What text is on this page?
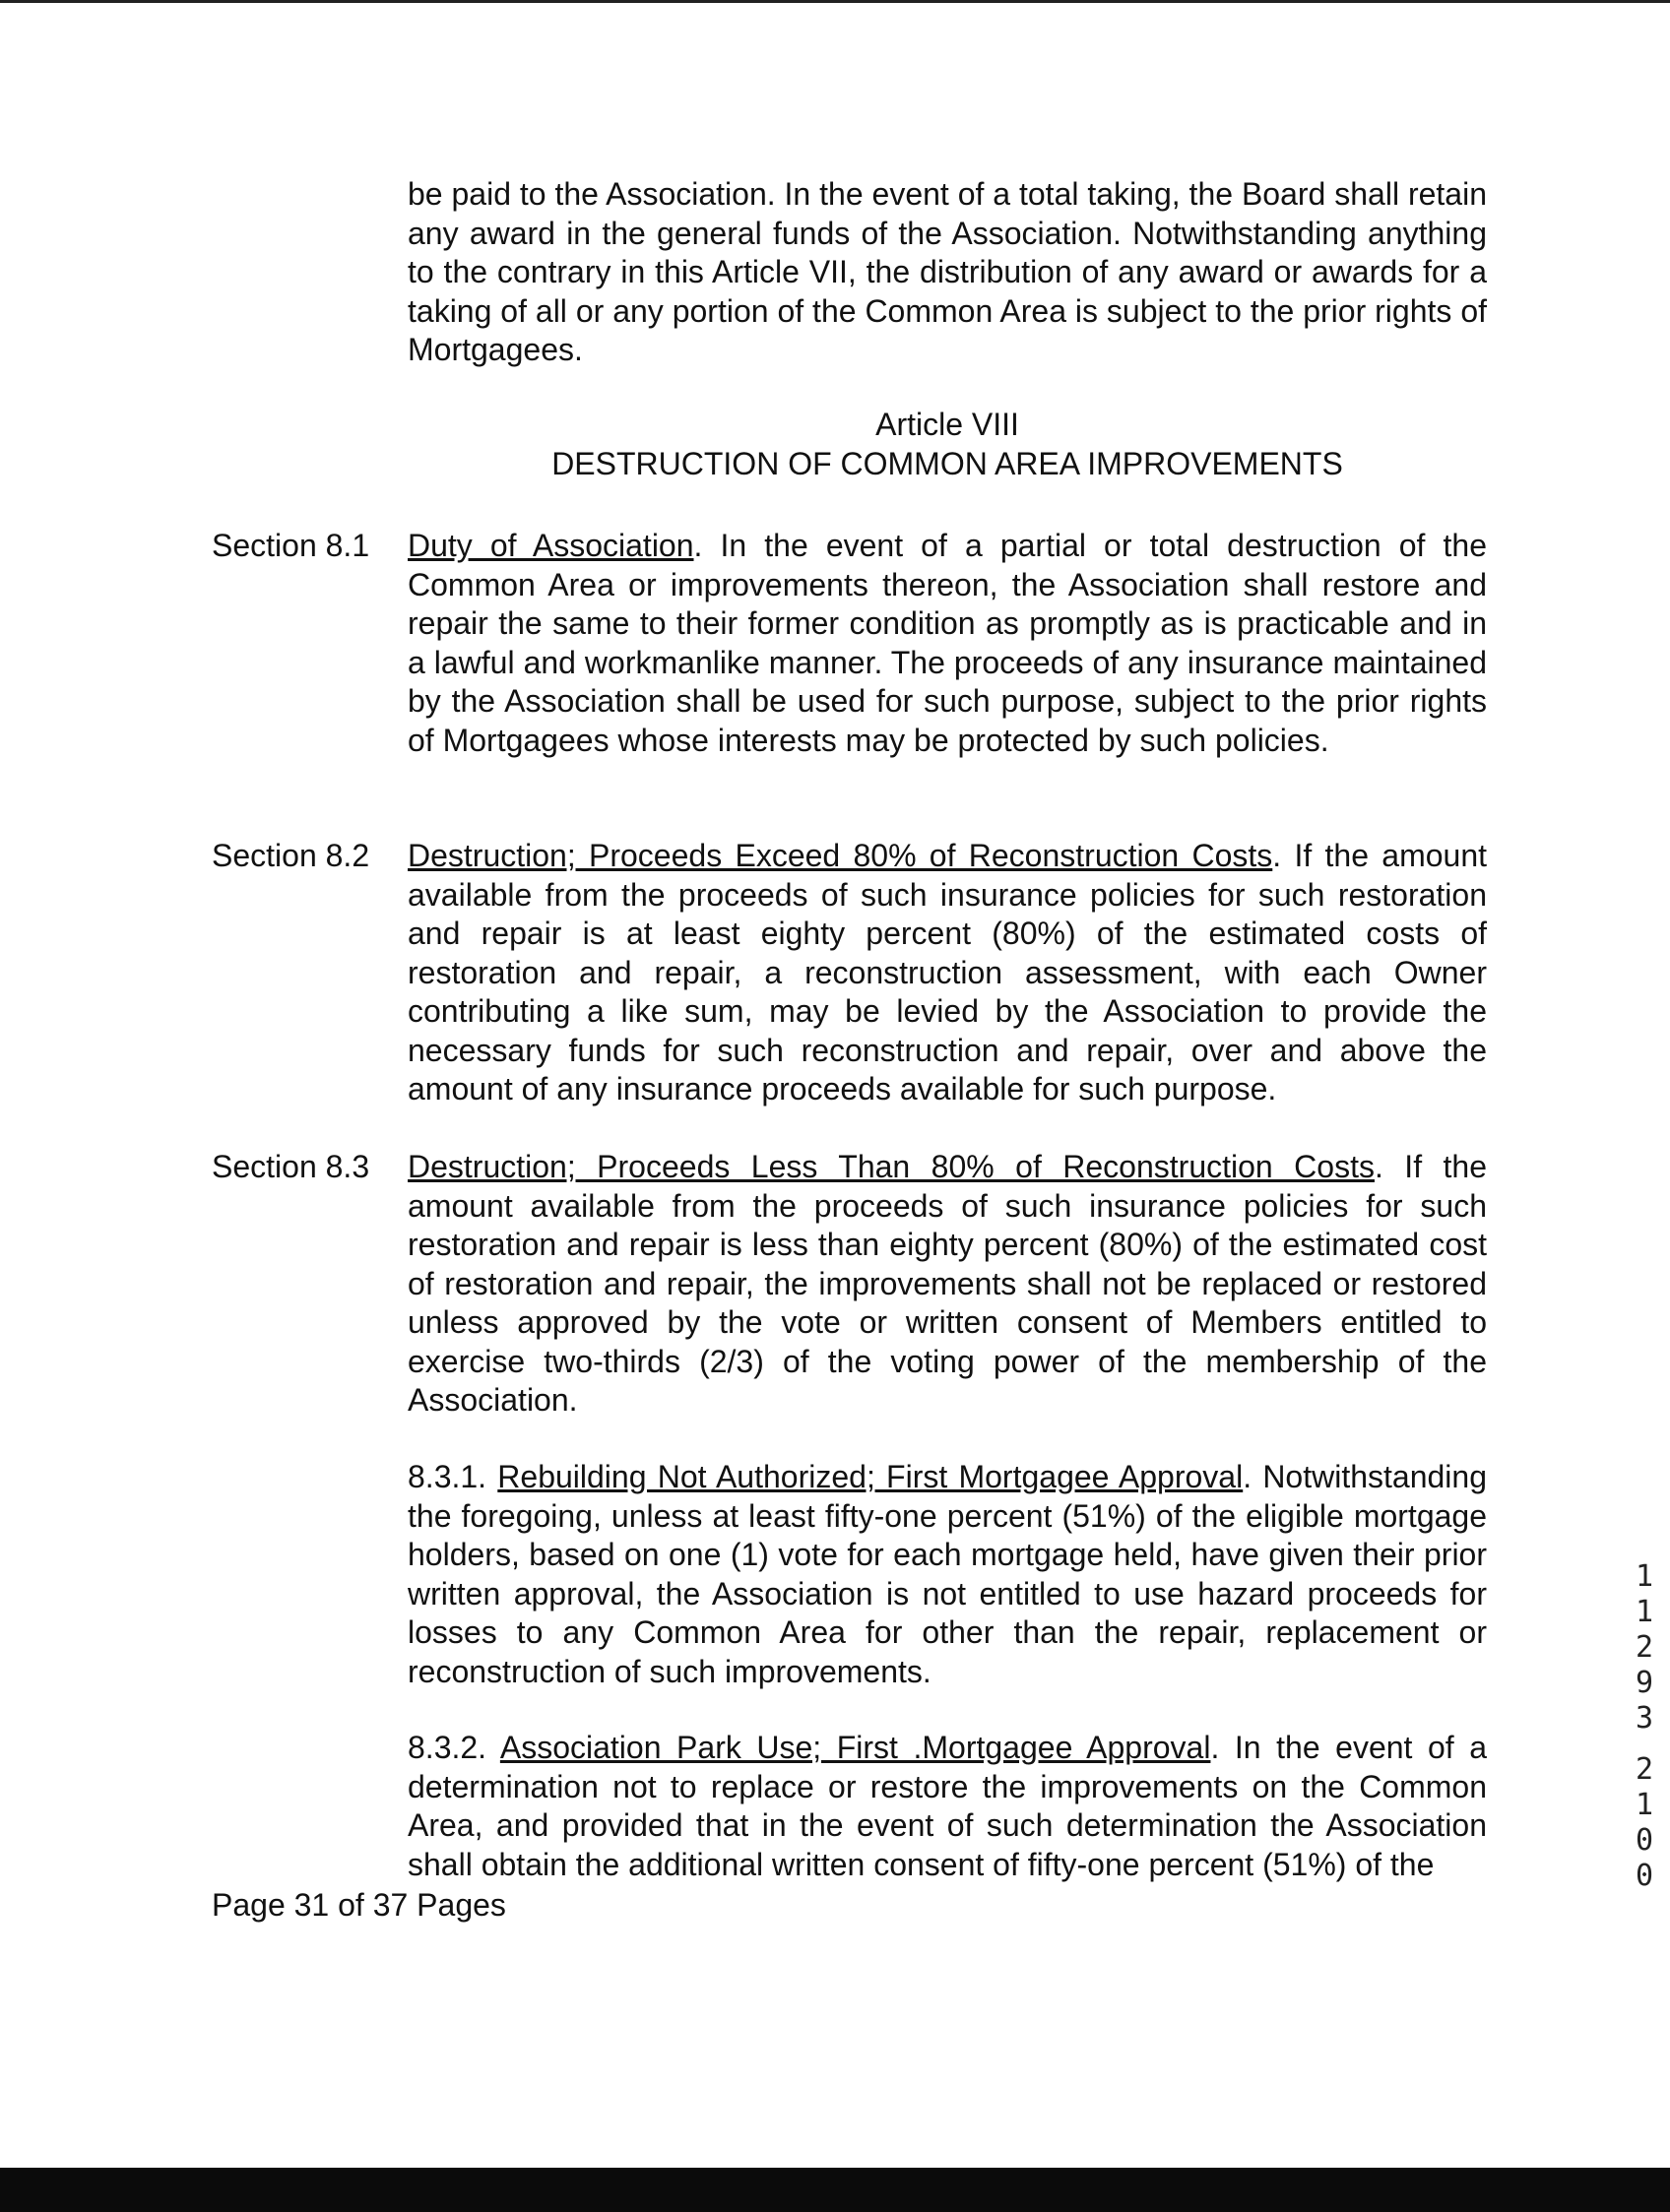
be paid to the Association. In the event of a total taking, the Board shall retain any award in the general funds of the Association. Notwithstanding anything to the contrary in this Article VII, the distribution of any award or awards for a taking of all or any portion of the Common Area is subject to the prior rights of Mortgagees.
Article VIII
DESTRUCTION OF COMMON AREA IMPROVEMENTS
Section 8.1	Duty of Association. In the event of a partial or total destruction of the Common Area or improvements thereon, the Association shall restore and repair the same to their former condition as promptly as is practicable and in a lawful and workmanlike manner. The proceeds of any insurance maintained by the Association shall be used for such purpose, subject to the prior rights of Mortgagees whose interests may be protected by such policies.
Section 8.2	Destruction; Proceeds Exceed 80% of Reconstruction Costs. If the amount available from the proceeds of such insurance policies for such restoration and repair is at least eighty percent (80%) of the estimated costs of restoration and repair, a reconstruction assessment, with each Owner contributing a like sum, may be levied by the Association to provide the necessary funds for such reconstruction and repair, over and above the amount of any insurance proceeds available for such purpose.
Section 8.3	Destruction; Proceeds Less Than 80% of Reconstruction Costs. If the amount available from the proceeds of such insurance policies for such restoration and repair is less than eighty percent (80%) of the estimated cost of restoration and repair, the improvements shall not be replaced or restored unless approved by the vote or written consent of Members entitled to exercise two-thirds (2/3) of the voting power of the membership of the Association.
8.3.1. Rebuilding Not Authorized; First Mortgagee Approval. Notwithstanding the foregoing, unless at least fifty-one percent (51%) of the eligible mortgage holders, based on one (1) vote for each mortgage held, have given their prior written approval, the Association is not entitled to use hazard proceeds for losses to any Common Area for other than the repair, replacement or reconstruction of such improvements.
8.3.2. Association Park Use; First .Mortgagee Approval. In the event of a determination not to replace or restore the improvements on the Common Area, and provided that in the event of such determination the Association shall obtain the additional written consent of fifty-one percent (51%) of the
Page 31 of 37 Pages
1
1
2
9
3
2
1
0
0
